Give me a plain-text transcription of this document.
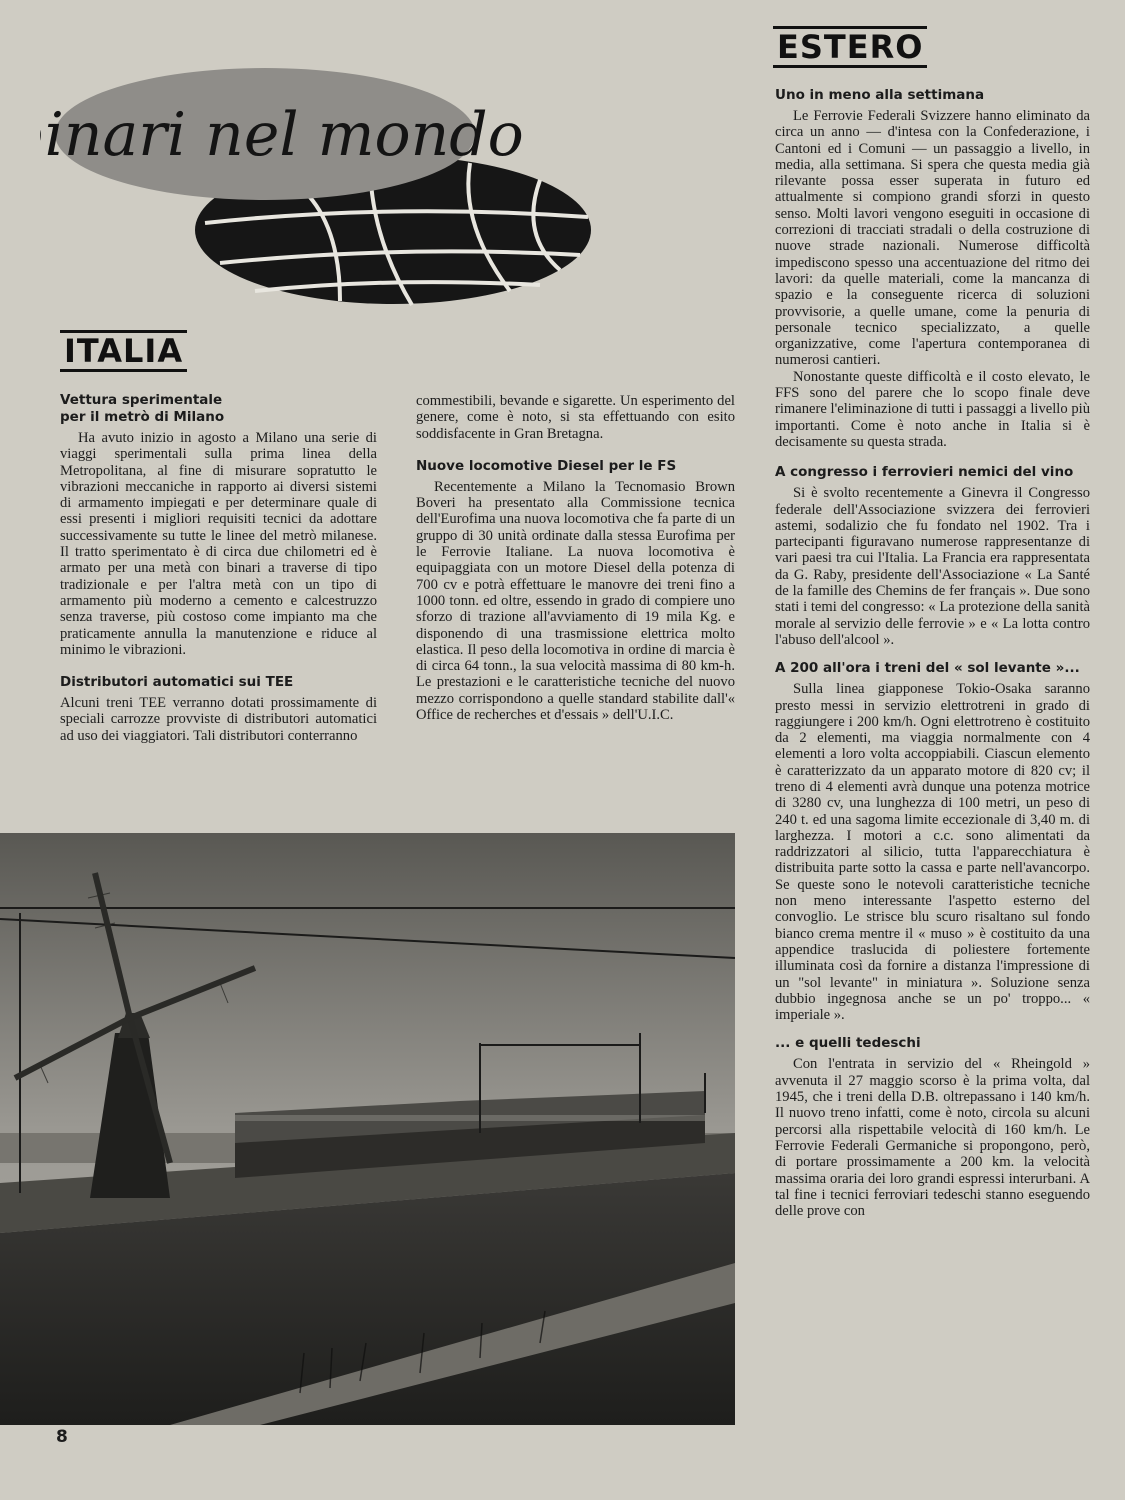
binari nel mondo
ITALIA
ESTERO

Vettura sperimentale

per il metrò di Milano

Ha avuto inizio in agosto a Milano una serie di viaggi sperimentali sulla prima linea della Metropolitana, al fine di misurare sopratutto le vibrazioni meccaniche in rapporto ai diversi sistemi di armamento impiegati e per determinare quale di essi presenti i migliori requisiti tecnici da adottare successivamente su tutte le linee del metrò milanese. Il tratto sperimentato è di circa due chilometri ed è armato per una metà con binari a traverse di tipo tradizionale e per l'altra metà con un tipo di armamento più moderno a cemento e calcestruzzo senza traverse, più costoso come impianto ma che praticamente annulla la manutenzione e riduce al minimo le vibrazioni.

Distributori automatici sui TEE

Alcuni treni TEE verranno dotati prossimamente di speciali carrozze provviste di distributori automatici ad uso dei viaggiatori. Tali distributori conterranno

commestibili, bevande e sigarette. Un esperimento del genere, come è noto, si sta effettuando con esito soddisfacente in Gran Bretagna.

Nuove locomotive Diesel per le FS

Recentemente a Milano la Tecnomasio Brown Boveri ha presentato alla Commissione tecnica dell'Eurofima una nuova locomotiva che fa parte di un gruppo di 30 unità ordinate dalla stessa Eurofima per le Ferrovie Italiane. La nuova locomotiva è equipaggiata con un motore Diesel della potenza di 700 cv e potrà effettuare le manovre dei treni fino a 1000 tonn. ed oltre, essendo in grado di compiere uno sforzo di trazione all'avviamento di 19 mila Kg. e disponendo di una trasmissione elettrica molto elastica. Il peso della locomotiva in ordine di marcia è di circa 64 tonn., la sua velocità massima di 80 km-h. Le prestazioni e le caratteristiche tecniche del nuovo mezzo corrispondono a quelle standard stabilite dall'« Office de recherches et d'essais » dell'U.I.C.

Uno in meno alla settimana

Le Ferrovie Federali Svizzere hanno eliminato da circa un anno — d'intesa con la Confederazione, i Cantoni ed i Comuni — un passaggio a livello, in media, alla settimana. Si spera che questa media già rilevante possa esser superata in futuro ed attualmente si compiono grandi sforzi in questo senso. Molti lavori vengono eseguiti in occasione di correzioni di tracciati stradali o della costruzione di nuove strade nazionali. Numerose difficoltà impediscono spesso una accentuazione del ritmo dei lavori: da quelle materiali, come la mancanza di spazio e la conseguente ricerca di soluzioni provvisorie, a quelle umane, come la penuria di personale tecnico specializzato, a quelle organizzative, come l'apertura contemporanea di numerosi cantieri.

Nonostante queste difficoltà e il costo elevato, le FFS sono del parere che lo scopo finale deve rimanere l'eliminazione di tutti i passaggi a livello più importanti. Come è noto anche in Italia si è decisamente su questa strada.

A congresso i ferrovieri nemici del vino

Si è svolto recentemente a Ginevra il Congresso federale dell'Associazione svizzera dei ferrovieri astemi, sodalizio che fu fondato nel 1902. Tra i partecipanti figuravano numerose rappresentanze di vari paesi tra cui l'Italia. La Francia era rappresentata da G. Raby, presidente dell'Associazione « La Santé de la famille des Chemins de fer français ». Due sono stati i temi del congresso: « La protezione della sanità morale al servizio delle ferrovie » e « La lotta contro l'abuso dell'alcool ».

A 200 all'ora i treni del « sol levante »...

Sulla linea giapponese Tokio-Osaka saranno presto messi in servizio elettrotreni in grado di raggiungere i 200 km/h. Ogni elettrotreno è costituito da 2 elementi, ma viaggia normalmente con 4 elementi a loro volta accoppiabili. Ciascun elemento è caratterizzato da un apparato motore di 820 cv; il treno di 4 elementi avrà dunque una potenza motrice di 3280 cv, una lunghezza di 100 metri, un peso di 240 t. ed una sagoma limite eccezionale di 3,40 m. di larghezza. I motori a c.c. sono alimentati da raddrizzatori al silicio, tutta l'apparecchiatura è distribuita parte sotto la cassa e parte nell'avancorpo. Se queste sono le notevoli caratteristiche tecniche non meno interessante l'aspetto esterno del convoglio. Le strisce blu scuro risaltano sul fondo bianco crema mentre il « muso » è costituito da una appendice traslucida di poliestere fortemente illuminata così da fornire a distanza l'impressione di un "sol levante" in miniatura ». Soluzione senza dubbio ingegnosa anche se un po' troppo... « imperiale ».

... e quelli tedeschi

Con l'entrata in servizio del « Rheingold » avvenuta il 27 maggio scorso è la prima volta, dal 1945, che i treni della D.B. oltrepassano i 140 km/h. Il nuovo treno infatti, come è noto, circola su alcuni percorsi alla rispettabile velocità di 160 km/h. Le Ferrovie Federali Germaniche si propongono, però, di portare prossimamente a 200 km. la velocità massima oraria dei loro grandi espressi interurbani. A tal fine i tecnici ferroviari tedeschi stanno eseguendo delle prove con

8
